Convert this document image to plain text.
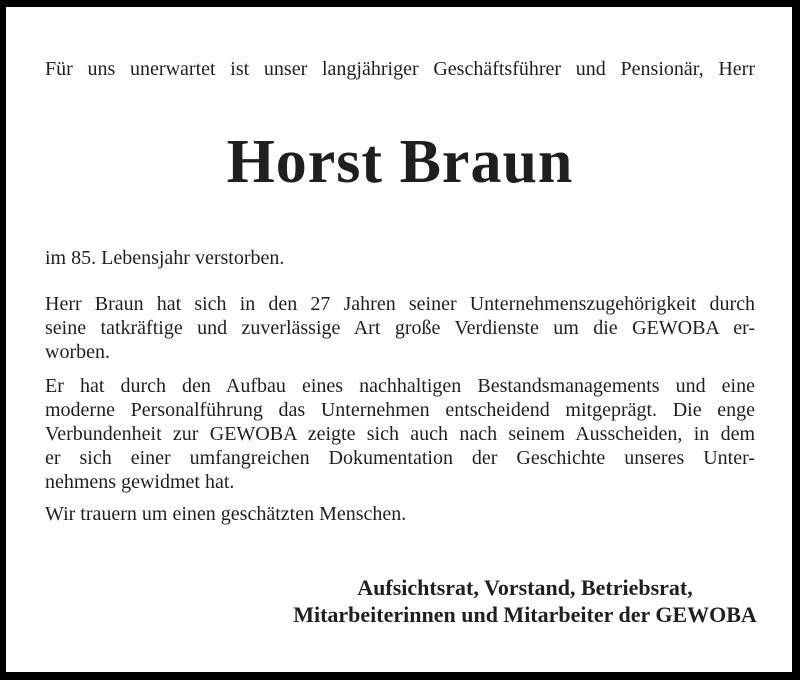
Für uns unerwartet ist unser langjähriger Geschäftsführer und Pensionär, Herr
Horst Braun
im 85. Lebensjahr verstorben.
Herr Braun hat sich in den 27 Jahren seiner Unternehmenszugehörigkeit durch
seine tatkräftige und zuverlässige Art große Verdienste um die GEWOBA er-
worben.
Er hat durch den Aufbau eines nachhaltigen Bestandsmanagements und eine
moderne Personalführung das Unternehmen entscheidend mitgeprägt. Die enge
Verbundenheit zur GEWOBA zeigte sich auch nach seinem Ausscheiden, in dem
er sich einer umfangreichen Dokumentation der Geschichte unseres Unter-
nehmens gewidmet hat.
Wir trauern um einen geschätzten Menschen.
Aufsichtsrat, Vorstand, Betriebsrat,
Mitarbeiterinnen und Mitarbeiter der GEWOBA
